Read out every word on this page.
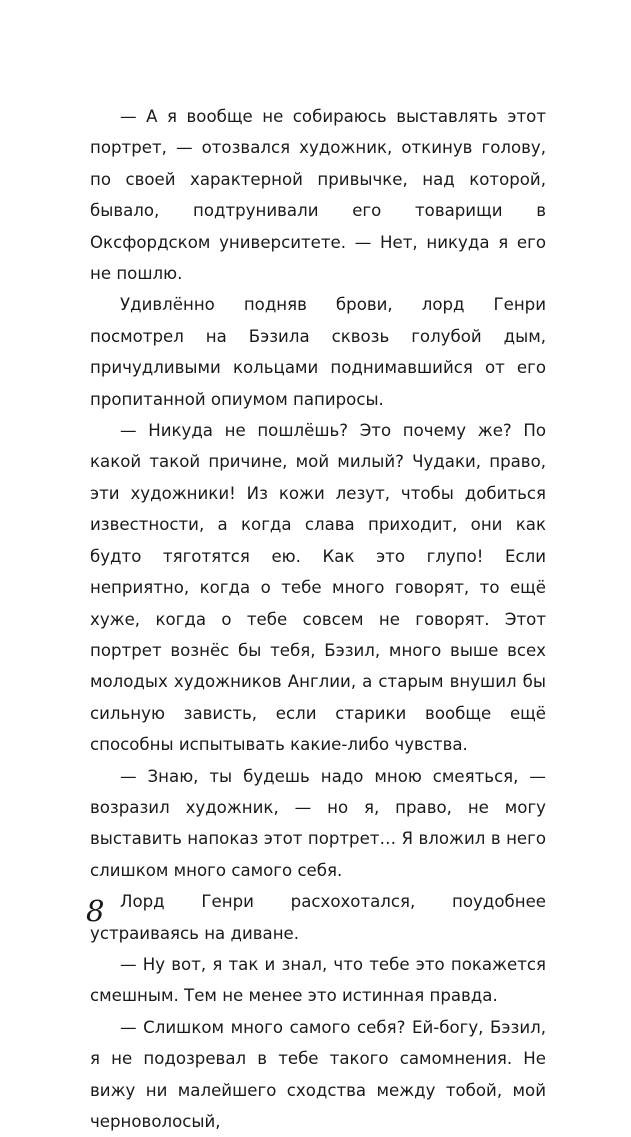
— А я вообще не собираюсь выставлять этот портрет, — отозвался художник, откинув голову, по своей характерной привычке, над которой, бывало, подтрунивали его товарищи в Оксфордском университете. — Нет, никуда я его не пошлю.

Удивлённо подняв брови, лорд Генри посмотрел на Бэзила сквозь голубой дым, причудливыми кольцами поднимавшийся от его пропитанной опиумом папиросы.

— Никуда не пошлёшь? Это почему же? По какой такой причине, мой милый? Чудаки, право, эти художники! Из кожи лезут, чтобы добиться известности, а когда слава приходит, они как будто тяготятся ею. Как это глупо! Если неприятно, когда о тебе много говорят, то ещё хуже, когда о тебе совсем не говорят. Этот портрет вознёс бы тебя, Бэзил, много выше всех молодых художников Англии, а старым внушил бы сильную зависть, если старики вообще ещё способны испытывать какие-либо чувства.

— Знаю, ты будешь надо мною смеяться, — возразил художник, — но я, право, не могу выставить напоказ этот портрет… Я вложил в него слишком много самого себя.

Лорд Генри расхохотался, поудобнее устраиваясь на диване.

— Ну вот, я так и знал, что тебе это покажется смешным. Тем не менее это истинная правда.

— Слишком много самого себя? Ей-богу, Бэзил, я не подозревал в тебе такого самомнения. Не вижу ни малейшего сходства между тобой, мой черноволосый,

8
